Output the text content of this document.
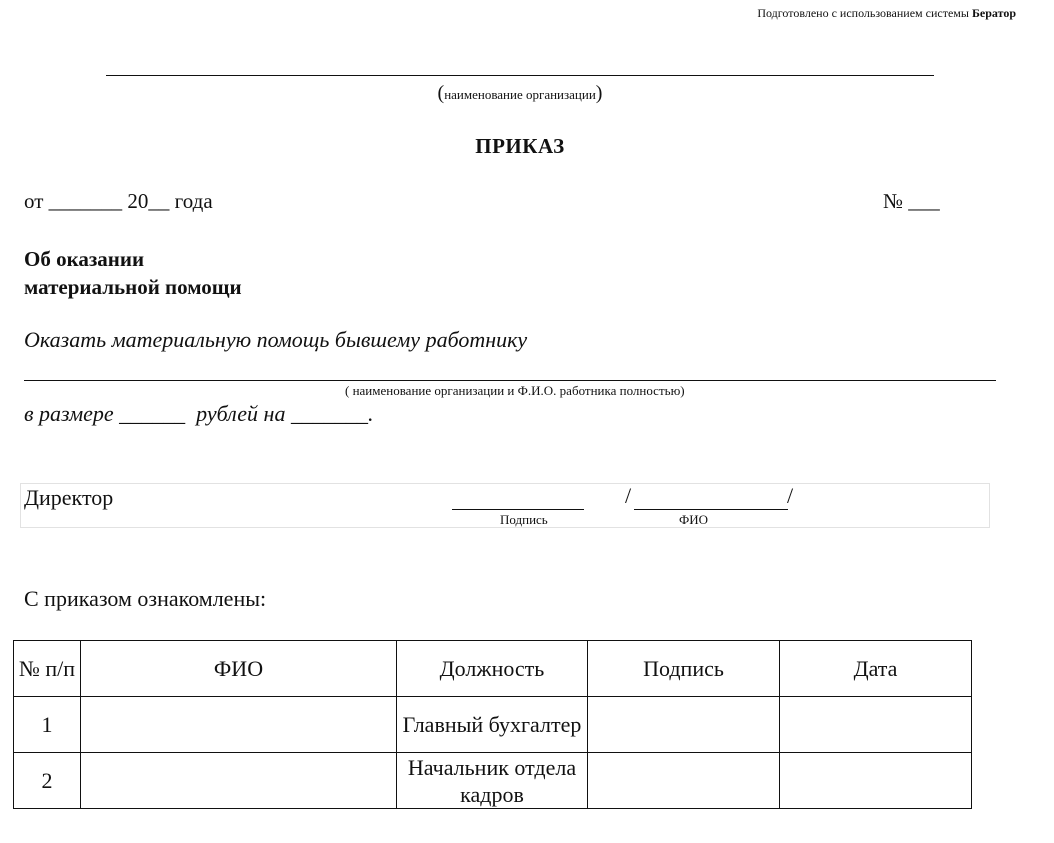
Подготовлено с использованием системы Бератор
(наименование организации)
ПРИКАЗ
от _______ 20__ года	№ ___
Об оказании
материальной помощи
Оказать материальную помощь бывшему работнику
( наименование организации и Ф.И.О. работника полностью)
в размере ______  рублей на _______.
Директор	/	/
Подпись	ФИО
С приказом ознакомлены:
№ п/п	ФИО	Должность	Подпись	Дата
1		Главный бухгалтер		
2		Начальник отдела кадров		
